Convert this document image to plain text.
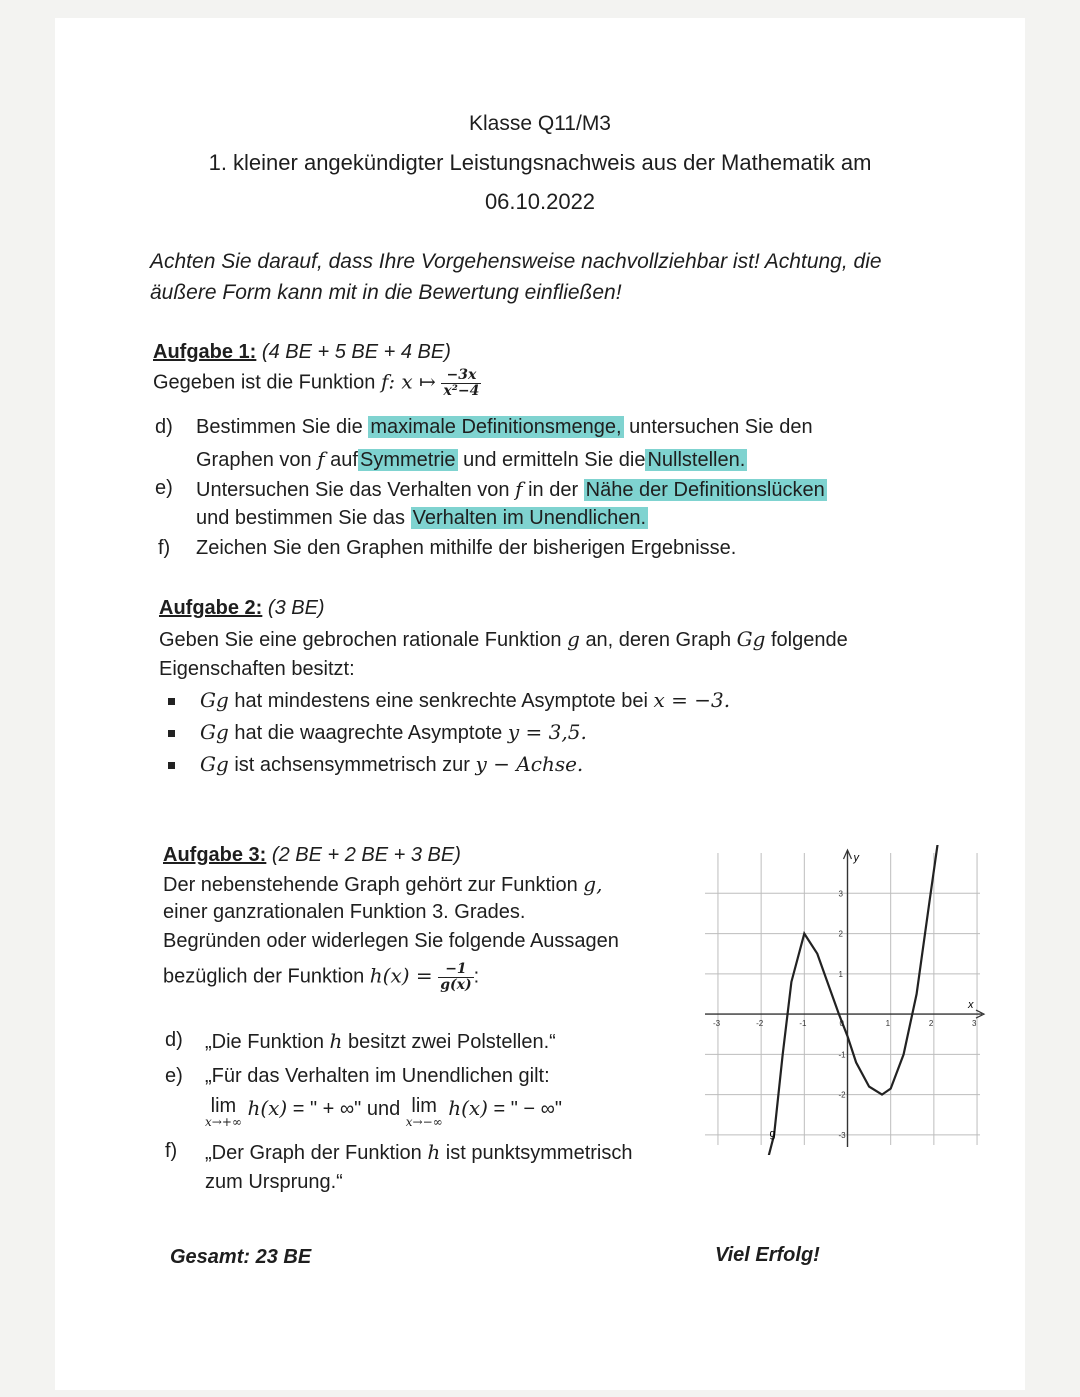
Klasse Q11/M3
1. kleiner angekündigter Leistungsnachweis aus der Mathematik am
06.10.2022
Achten Sie darauf, dass Ihre Vorgehensweise nachvollziehbar ist! Achtung, die
äußere Form kann mit in die Bewertung einfließen!
Aufgabe 1: (4 BE + 5 BE + 4 BE)
Gegeben ist die Funktion f: x ↦ $\frac{-3x}{\text{x²−4}}$
d) Bestimmen Sie die maximale Definitionsmenge, untersuchen Sie den
Graphen von f auf Symmetrie und ermitteln Sie die Nullstellen.
e) Untersuchen Sie das Verhalten von f in der Nähe der Definitionslücken
und bestimmen Sie das Verhalten im Unendlichen.
f) Zeichen Sie den Graphen mithilfe der bisherigen Ergebnisse.
Aufgabe 2: (3 BE)
Geben Sie eine gebrochen rationale Funktion g an, deren Graph Gg folgende
Eigenschaften besitzt:
Gg hat mindestens eine senkrechte Asymptote bei x = −3.
Gg hat die waagrechte Asymptote y = 3,5.
Gg ist achsensymmetrisch zur y − Achse.
Aufgabe 3: (2 BE + 2 BE + 3 BE)
Der nebenstehende Graph gehört zur Funktion g,
einer ganzrationalen Funktion 3. Grades.
Begründen oder widerlegen Sie folgende Aussagen
bezüglich der Funktion $h(x) = \frac{-1}{g(x)}$ :
d) „Die Funktion h besitzt zwei Polstellen.“
e) „Für das Verhalten im Unendlichen gilt:
lim
x→+∞
h(x) = " + ∞" und lim
x→−∞
h(x) = " − ∞"
f) „Der Graph der Funktion h ist punktsymmetrisch
zum Ursprung.“
-3	-2	-1	0	1	2	3
3
2
1
-1
-2
-3
x
y
g
Gesamt: 23 BE	Viel Erfolg!
